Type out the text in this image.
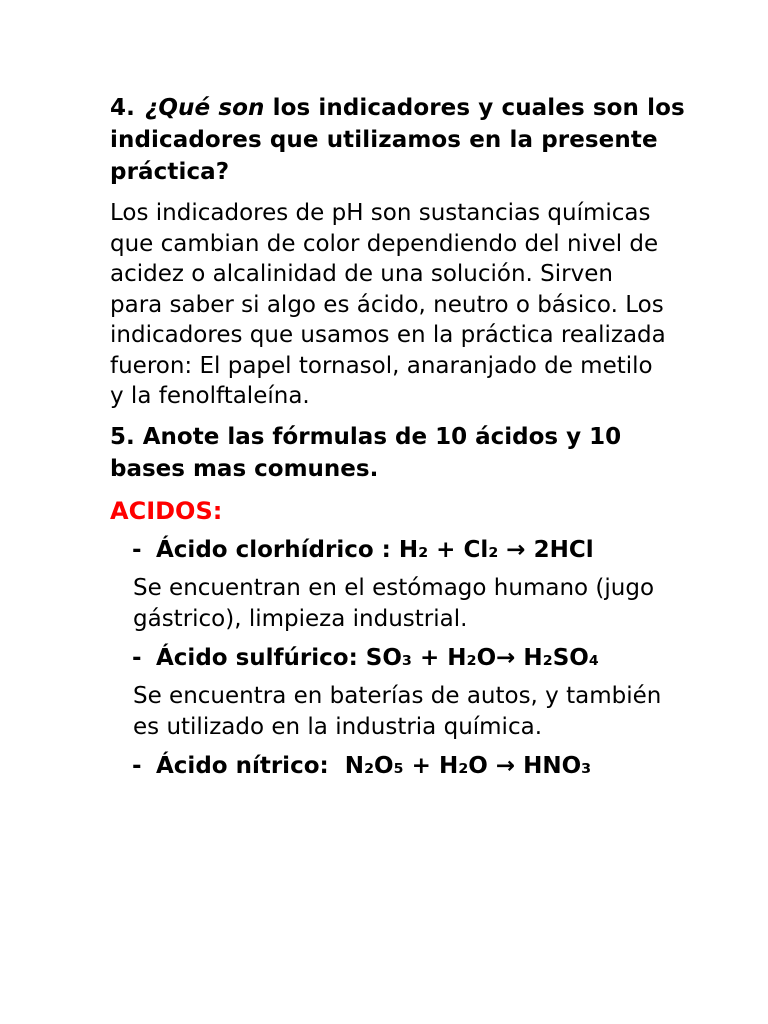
4. ¿Qué son los indicadores y cuales son los indicadores que utilizamos en la presente práctica?

Los indicadores de pH son sustancias químicas que cambian de color dependiendo del nivel de acidez o alcalinidad de una solución. Sirven para saber si algo es ácido, neutro o básico. Los indicadores que usamos en la práctica realizada fueron: El papel tornasol, anaranjado de metilo y la fenolftaleína.

5. Anote las fórmulas de 10 ácidos y 10 bases mas comunes.

ACIDOS:

- Ácido clorhídrico : H₂ + Cl₂ → 2HCl

Se encuentran en el estómago humano (jugo gástrico), limpieza industrial.

- Ácido sulfúrico: SO₃ + H₂O→ H₂SO₄

Se encuentra en baterías de autos, y también es utilizado en la industria química.

- Ácido nítrico:  N₂O₅ + H₂O → HNO₃
